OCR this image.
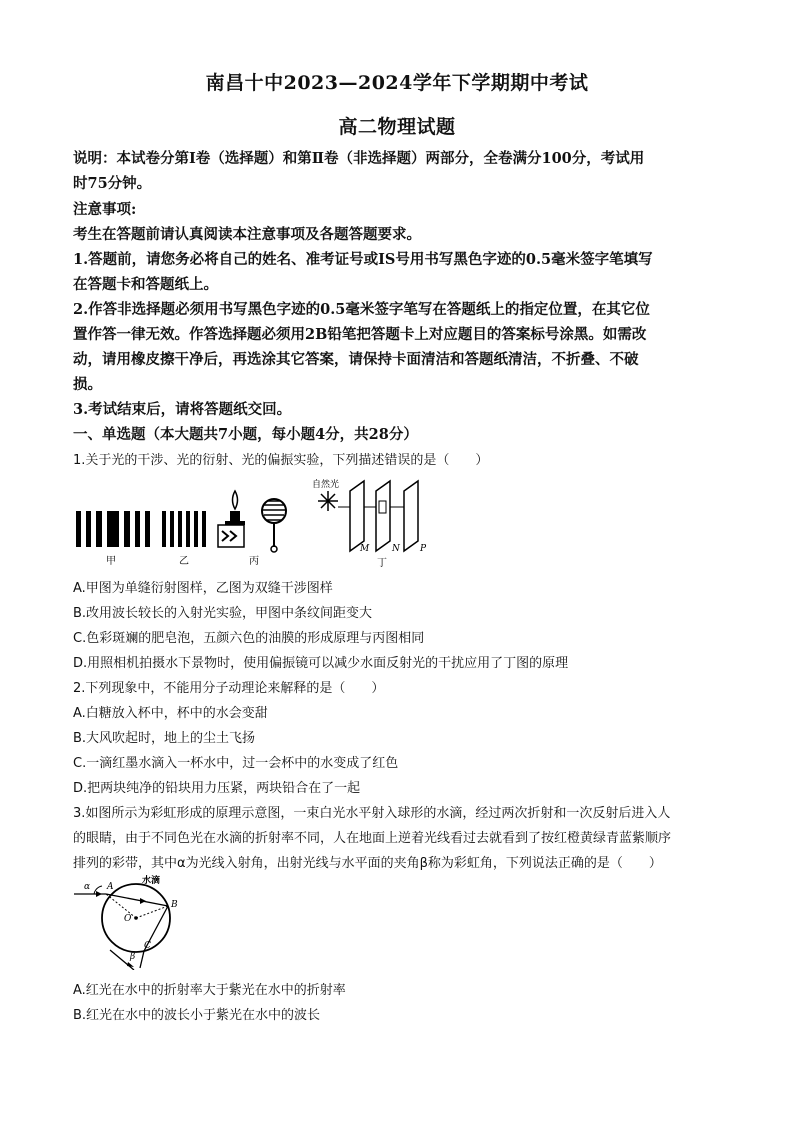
南昌十中2023—2024学年下学期期中考试
高二物理试题
说明：本试卷分第Ⅰ卷（选择题）和第Ⅱ卷（非选择题）两部分，全卷满分100分，考试用
时75分钟。
注意事项:
考生在答题前请认真阅读本注意事项及各题答题要求。
1.答题前，请您务必将自己的姓名、准考证号或IS号用书写黑色字迹的0.5毫米签字笔填写
在答题卡和答题纸上。
2.作答非选择题必须用书写黑色字迹的0.5毫米签字笔写在答题纸上的指定位置，在其它位
置作答一律无效。作答选择题必须用2B铅笔把答题卡上对应题目的答案标号涂黑。如需改
动，请用橡皮擦干净后，再选涂其它答案，请保持卡面清洁和答题纸清洁，不折叠、不破
损。
3.考试结束后，请将答题纸交回。
一、单选题（本大题共7小题，每小题4分，共28分）
1.关于光的干涉、光的衍射、光的偏振实验，下列描述错误的是（　　）
自然光
甲	乙	丙	丁
M	N P
A.甲图为单缝衍射图样，乙图为双缝干涉图样
B.改用波长较长的入射光实验，甲图中条纹间距变大
C.色彩斑斓的肥皂泡，五颜六色的油膜的形成原理与丙图相同
D.用照相机拍摄水下景物时，使用偏振镜可以减少水面反射光的干扰应用了丁图的原理
2.下列现象中，不能用分子动理论来解释的是（　　）
A.白糖放入杯中，杯中的水会变甜
B.大风吹起时，地上的尘土飞扬
C.一滴红墨水滴入一杯水中，过一会杯中的水变成了红色
D.把两块纯净的铅块用力压紧，两块铅合在了一起
3.如图所示为彩虹形成的原理示意图，一束白光水平射入球形的水滴，经过两次折射和一次反射后进入人
的眼睛，由于不同色光在水滴的折射率不同，人在地面上逆着光线看过去就看到了按红橙黄绿青蓝紫顺序
排列的彩带，其中α为光线入射角，出射光线与水平面的夹角β称为彩虹角，下列说法正确的是（　　）
水滴
α A
B
O
C
β
A.红光在水中的折射率大于紫光在水中的折射率
B.红光在水中的波长小于紫光在水中的波长
